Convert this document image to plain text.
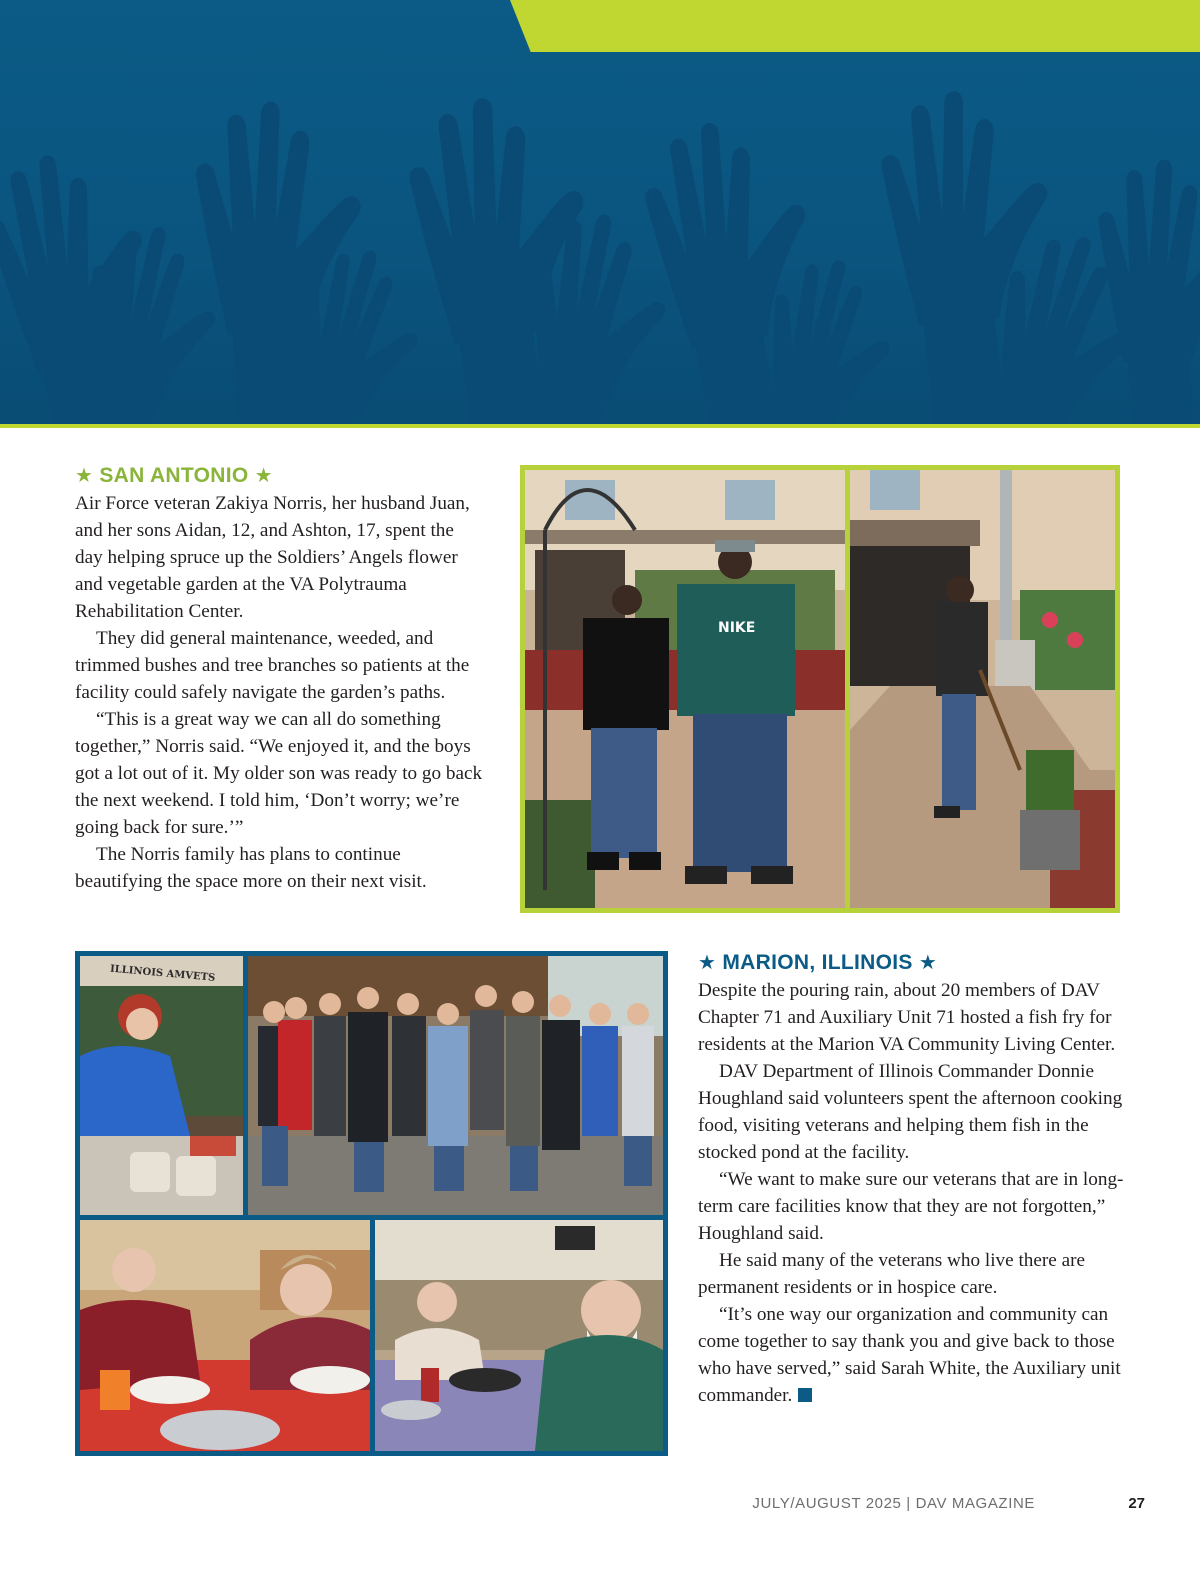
★ SAN ANTONIO ★

Air Force veteran Zakiya Norris, her husband Juan, and her sons Aidan, 12, and Ashton, 17, spent the day helping spruce up the Soldiers’ Angels flower and vegetable garden at the VA Polytrauma Rehabilitation Center.

They did general maintenance, weeded, and trimmed bushes and tree branches so patients at the facility could safely navigate the garden’s paths.

“This is a great way we can all do something together,” Norris said. “We enjoyed it, and the boys got a lot out of it. My older son was ready to go back the next weekend. I told him, ‘Don’t worry; we’re going back for sure.’”

The Norris family has plans to continue beautifying the space more on their next visit.

NIKE
ILLINOIS AMVETS	★ MARION, ILLINOIS ★

Despite the pouring rain, about 20 members of DAV Chapter 71 and Auxiliary Unit 71 hosted a fish fry for residents at the Marion VA Community Living Center.

DAV Department of Illinois Commander Donnie Houghland said volunteers spent the afternoon cooking food, visiting veterans and helping them fish in the stocked pond at the facility.

“We want to make sure our veterans that are in long-term care facilities know that they are not forgotten,” Houghland said.

He said many of the veterans who live there are permanent residents or in hospice care.

“It’s one way our organization and community can come together to say thank you and give back to those who have served,” said Sarah White, the Auxiliary unit commander.

JULY/AUGUST 2025 | DAV MAGAZINE	27
